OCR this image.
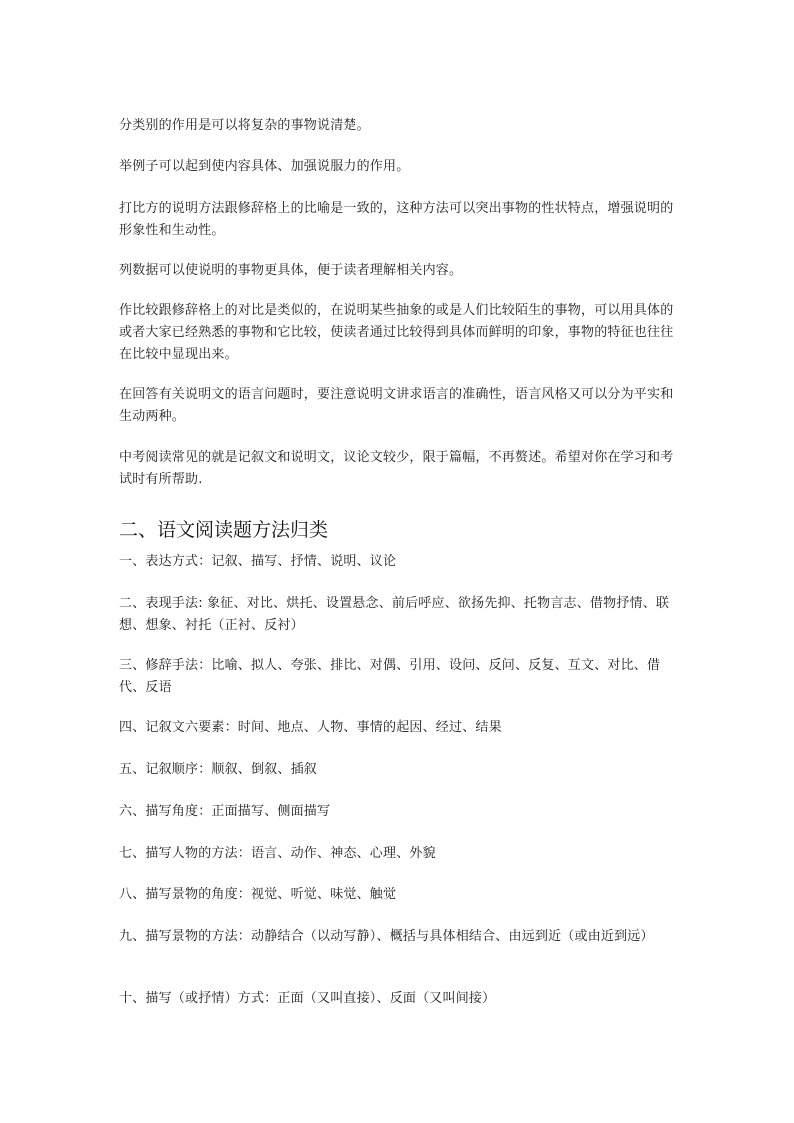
分类别的作用是可以将复杂的事物说清楚。

举例子可以起到使内容具体、加强说服力的作用。

打比方的说明方法跟修辞格上的比喻是一致的，这种方法可以突出事物的性状特点，增强说明的形象性和生动性。

列数据可以使说明的事物更具体，便于读者理解相关内容。

作比较跟修辞格上的对比是类似的，在说明某些抽象的或是人们比较陌生的事物，可以用具体的或者大家已经熟悉的事物和它比较，使读者通过比较得到具体而鲜明的印象，事物的特征也往往在比较中显现出来。

在回答有关说明文的语言问题时，要注意说明文讲求语言的准确性，语言风格又可以分为平实和生动两种。

中考阅读常见的就是记叙文和说明文，议论文较少，限于篇幅，不再赘述。希望对你在学习和考试时有所帮助.

二、语文阅读题方法归类

一、表达方式：记叙、描写、抒情、说明、议论

二、表现手法: 象征、对比、烘托、设置悬念、前后呼应、欲扬先抑、托物言志、借物抒情、联想、想象、衬托（正衬、反衬）

三、修辞手法：比喻、拟人、夸张、排比、对偶、引用、设问、反问、反复、互文、对比、借代、反语

四、记叙文六要素：时间、地点、人物、事情的起因、经过、结果

五、记叙顺序：顺叙、倒叙、插叙

六、描写角度：正面描写、侧面描写

七、描写人物的方法：语言、动作、神态、心理、外貌

八、描写景物的角度：视觉、听觉、味觉、触觉

九、描写景物的方法：动静结合（以动写静）、概括与具体相结合、由远到近（或由近到远）

十、描写（或抒情）方式：正面（又叫直接）、反面（又叫间接）
